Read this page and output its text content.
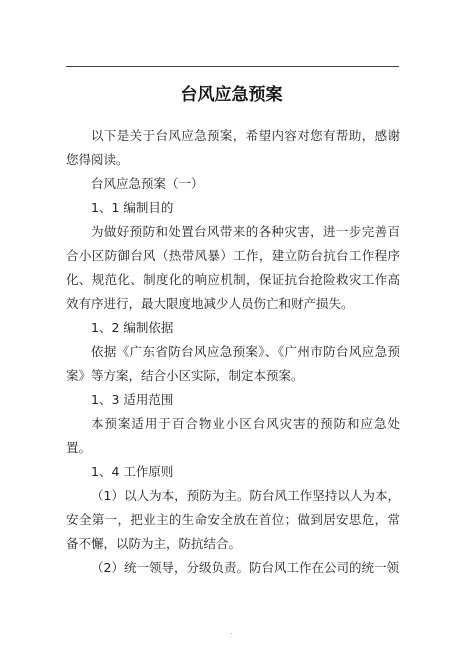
台风应急预案

以下是关于台风应急预案，希望内容对您有帮助，感谢您得阅读。

台风应急预案（一）

1、1 编制目的

为做好预防和处置台风带来的各种灾害，进一步完善百合小区防御台风（热带风暴）工作，建立防台抗台工作程序化、规范化、制度化的响应机制，保证抗台抢险救灾工作高效有序进行，最大限度地减少人员伤亡和财产损失。

1、2 编制依据

依据《广东省防台风应急预案》、《广州市防台风应急预案》等方案，结合小区实际，制定本预案。

1、3 适用范围

本预案适用于百合物业小区台风灾害的预防和应急处置。

1、4 工作原则

（1）以人为本，预防为主。防台风工作坚持以人为本，安全第一，把业主的生命安全放在首位；做到居安思危，常备不懈，以防为主，防抗结合。

（2）统一领导，分级负责。防台风工作在公司的统一领

.
